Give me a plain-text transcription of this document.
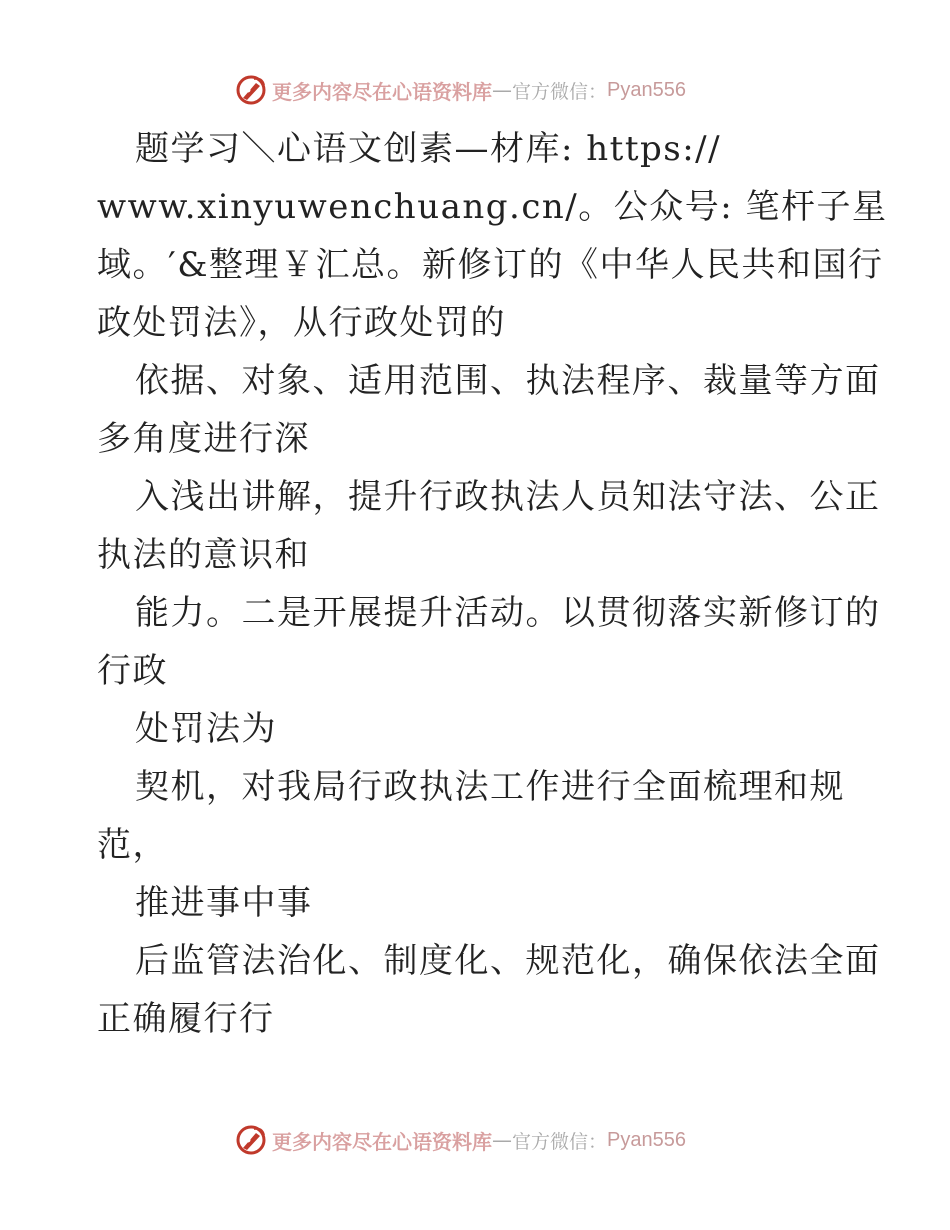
更多内容尽在心语资料库 — 官方微信： Pyan556
题学习＼心语文创素—材库: https://
www.xinyuwenchuang.cn/。公众号: 笔杆子星
域。′&整理￥汇总。新修订的《中华人民共和国行
政处罚法》，从行政处罚的
依据、对象、适用范围、执法程序、裁量等方面
多角度进行深
入浅出讲解，提升行政执法人员知法守法、公正
执法的意识和
能力。二是开展提升活动。以贯彻落实新修订的
行政
处罚法为
契机，对我局行政执法工作进行全面梳理和规
范，
推进事中事
后监管法治化、制度化、规范化，确保依法全面
正确履行行
更多内容尽在心语资料库 — 官方微信： Pyan556
